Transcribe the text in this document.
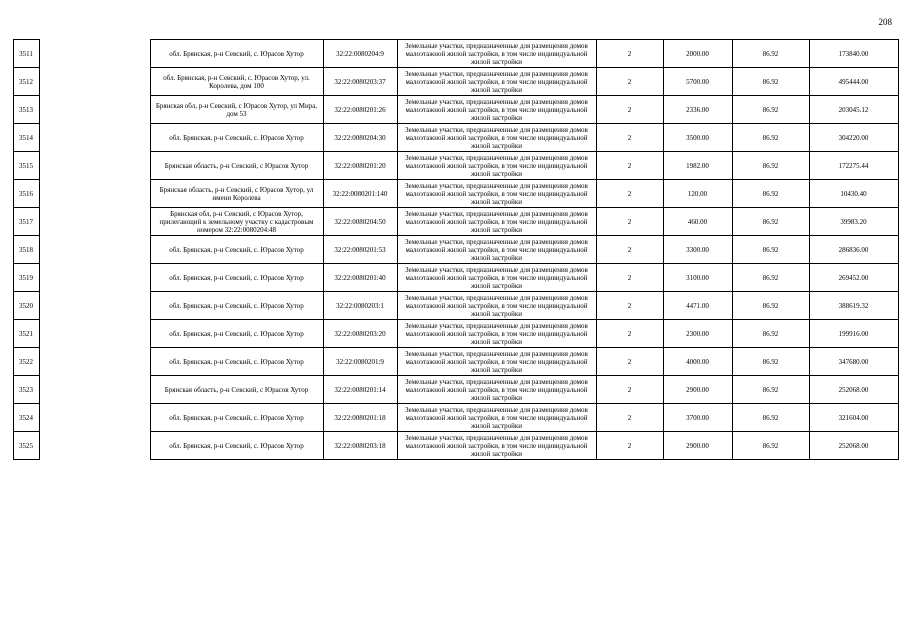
208

	3511		обл. Брянская, р-н Севский, с. Юрасов Хутор	32:22:0080204:9	Земельные участки, предназначенные для размещения домов малоэтажной жилой застройки, в том числе индивидуальной жилой застройки	2	2000.00	86.92	173840.00

	3512		обл. Брянская, р-н Севский, с. Юрасов Хутор, ул. Королева, дом 100	32:22:0080203:37	Земельные участки, предназначенные для размещения домов малоэтажной жилой застройки, в том числе индивидуальной жилой застройки	2	5700.00	86.92	495444.00

	3513		Брянская обл, р-н Севский, с Юрасов Хутор, ул Мира, дом 53	32:22:0080201:26	Земельные участки, предназначенные для размещения домов малоэтажной жилой застройки, в том числе индивидуальной жилой застройки	2	2336.00	86.92	203045.12

	3514		обл. Брянская, р-н Севский, с. Юрасов Хутор	32:22:0080204:30	Земельные участки, предназначенные для размещения домов малоэтажной жилой застройки, в том числе индивидуальной жилой застройки	2	3500.00	86.92	304220.00

	3515		Брянская область, р-н Севский, с Юрасов Хутор	32:22:0080201:20	Земельные участки, предназначенные для размещения домов малоэтажной жилой застройки, в том числе индивидуальной жилой застройки	2	1982.00	86.92	172275.44

	3516		Брянская область, р-н Севский, с Юрасов Хутор, ул имени Королева	32:22:0080201:140	Земельные участки, предназначенные для размещения домов малоэтажной жилой застройки, в том числе индивидуальной жилой застройки	2	120.00	86.92	10430.40

	3517		Брянская обл, р-н Севский, с Юрасов Хутор, прилегающий к земельному участку с кадастровым номером 32:22:0080204:48	32:22:0080204:50	Земельные участки, предназначенные для размещения домов малоэтажной жилой застройки, в том числе индивидуальной жилой застройки	2	460.00	86.92	39983.20

	3518		обл. Брянская, р-н Севский, с. Юрасов Хутор	32:22:0080201:53	Земельные участки, предназначенные для размещения домов малоэтажной жилой застройки, в том числе индивидуальной жилой застройки	2	3300.00	86.92	286836.00

	3519		обл. Брянская, р-н Севский, с. Юрасов Хутор	32:22:0080201:40	Земельные участки, предназначенные для размещения домов малоэтажной жилой застройки, в том числе индивидуальной жилой застройки	2	3100.00	86.92	269452.00

	3520		обл. Брянская, р-н Севский, с. Юрасов Хутор	32:22:0080203:1	Земельные участки, предназначенные для размещения домов малоэтажной жилой застройки, в том числе индивидуальной жилой застройки	2	4471.00	86.92	388619.32

	3521		обл. Брянская, р-н Севский, с. Юрасов Хутор	32:22:0080203:20	Земельные участки, предназначенные для размещения домов малоэтажной жилой застройки, в том числе индивидуальной жилой застройки	2	2300.00	86.92	199916.00

	3522		обл. Брянская, р-н Севский, с. Юрасов Хутор	32:22:0080201:9	Земельные участки, предназначенные для размещения домов малоэтажной жилой застройки, в том числе индивидуальной жилой застройки	2	4000.00	86.92	347680.00

	3523		Брянская область, р-н Севский, с Юрасов Хутор	32:22:0080201:14	Земельные участки, предназначенные для размещения домов малоэтажной жилой застройки, в том числе индивидуальной жилой застройки	2	2900.00	86.92	252068.00

	3524		обл. Брянская, р-н Севский, с. Юрасов Хутор	32:22:0080201:18	Земельные участки, предназначенные для размещения домов малоэтажной жилой застройки, в том числе индивидуальной жилой застройки	2	3700.00	86.92	321604.00

	3525		обл. Брянская, р-н Севский, с. Юрасов Хутор	32:22:0080203:18	Земельные участки, предназначенные для размещения домов малоэтажной жилой застройки, в том числе индивидуальной жилой застройки	2	2900.00	86.92	252068.00
